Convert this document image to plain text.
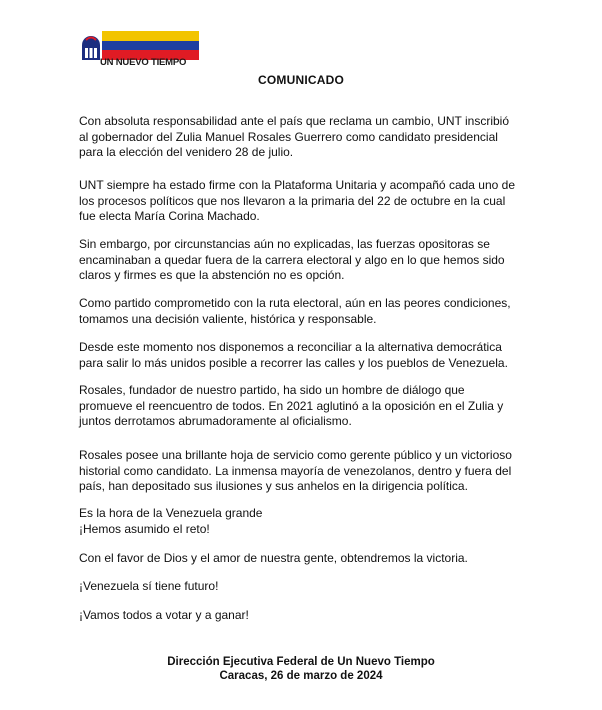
UN NUEVO TIEMPO
COMUNICADO

Con absoluta responsabilidad ante el país que reclama un cambio, UNT inscribió
al gobernador del Zulia Manuel Rosales Guerrero como candidato presidencial
para la elección del venidero 28 de julio.

UNT siempre ha estado firme con la Plataforma Unitaria y acompañó cada uno de
los procesos políticos que nos llevaron a la primaria del 22 de octubre en la cual
fue electa María Corina Machado.

Sin embargo, por circunstancias aún no explicadas, las fuerzas opositoras se
encaminaban a quedar fuera de la carrera electoral y algo en lo que hemos sido
claros y firmes es que la abstención no es opción.

Como partido comprometido con la ruta electoral, aún en las peores condiciones,
tomamos una decisión valiente, histórica y responsable.

Desde este momento nos disponemos a reconciliar a la alternativa democrática
para salir lo más unidos posible a recorrer las calles y los pueblos de Venezuela.

Rosales, fundador de nuestro partido, ha sido un hombre de diálogo que
promueve el reencuentro de todos. En 2021 aglutinó a la oposición en el Zulia y
juntos derrotamos abrumadoramente al oficialismo.

Rosales posee una brillante hoja de servicio como gerente público y un victorioso
historial como candidato. La inmensa mayoría de venezolanos, dentro y fuera del
país, han depositado sus ilusiones y sus anhelos en la dirigencia política.

Es la hora de la Venezuela grande
¡Hemos asumido el reto!

Con el favor de Dios y el amor de nuestra gente, obtendremos la victoria.

¡Venezuela sí tiene futuro!

¡Vamos todos a votar y a ganar!

Dirección Ejecutiva Federal de Un Nuevo Tiempo
Caracas, 26 de marzo de 2024
